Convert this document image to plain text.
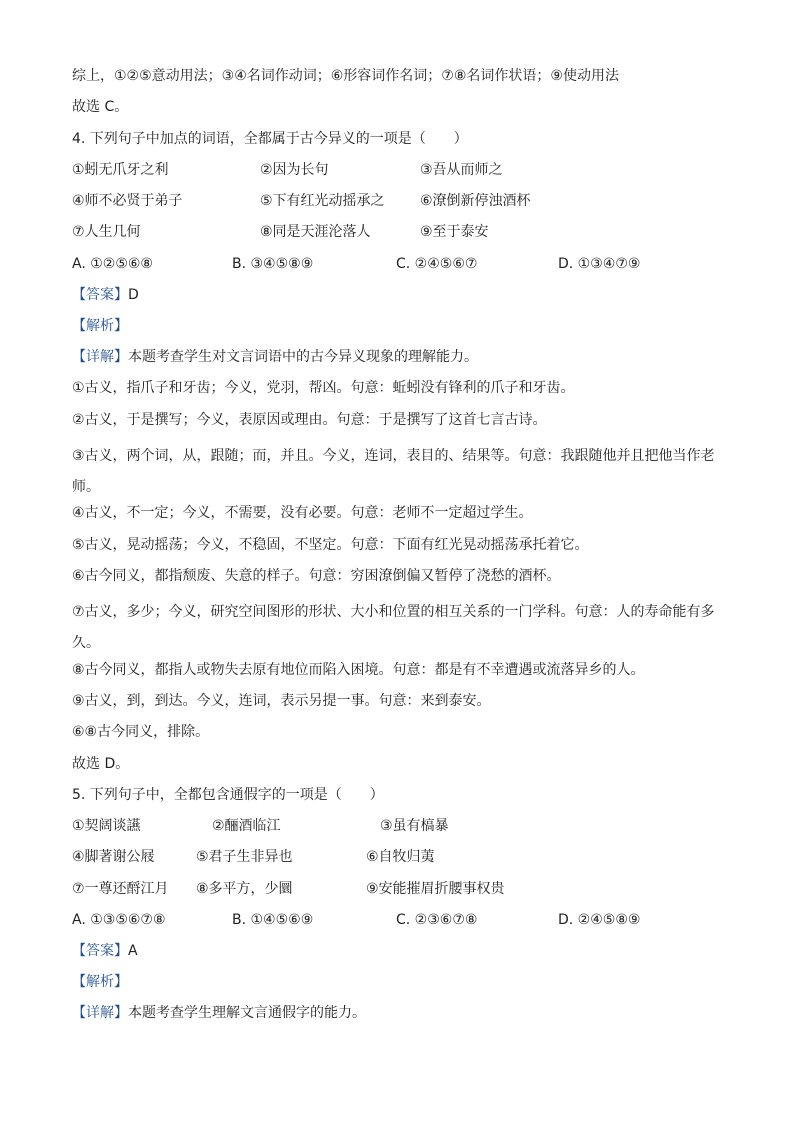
综上，①②⑤意动用法；③④名词作动词；⑥形容词作名词；⑦⑧名词作状语；⑨使动用法
故选 C。
4. 下列句子中加点的词语，全都属于古今异义的一项是（　　）
①蚓无爪牙之利	②因为长句	③吾从而师之
④师不必贤于弟子	⑤下有红光动摇承之	⑥潦倒新停浊酒杯
⑦人生几何	⑧同是天涯沦落人	⑨至于泰安
A. ①②⑤⑥⑧	B. ③④⑤⑧⑨	C. ②④⑤⑥⑦	D. ①③④⑦⑨
【答案】D
【解析】
【详解】本题考查学生对文言词语中的古今异义现象的理解能力。
①古义，指爪子和牙齿；今义，党羽，帮凶。句意：蚯蚓没有锋利的爪子和牙齿。
②古义，于是撰写；今义，表原因或理由。句意：于是撰写了这首七言古诗。
③古义，两个词，从，跟随；而，并且。今义，连词，表目的、结果等。句意：我跟随他并且把他当作老师。
④古义，不一定；今义，不需要，没有必要。句意：老师不一定超过学生。
⑤古义，晃动摇荡；今义，不稳固，不坚定。句意：下面有红光晃动摇荡承托着它。
⑥古今同义，都指颓废、失意的样子。句意：穷困潦倒偏又暂停了浇愁的酒杯。
⑦古义，多少；今义，研究空间图形的形状、大小和位置的相互关系的一门学科。句意：人的寿命能有多久。
⑧古今同义，都指人或物失去原有地位而陷入困境。句意：都是有不幸遭遇或流落异乡的人。
⑨古义，到，到达。今义，连词，表示另提一事。句意：来到泰安。
⑥⑧古今同义，排除。
故选 D。
5. 下列句子中，全都包含通假字的一项是（　　）
①契阔谈讌	②酾酒临江	③虽有槁暴
④脚著谢公屐	⑤君子生非异也	⑥自牧归荑
⑦一尊还酹江月 ⑧多平方，少圜	⑨安能摧眉折腰事权贵
A. ①③⑤⑥⑦⑧	B. ①④⑤⑥⑨	C. ②③⑥⑦⑧	D. ②④⑤⑧⑨
【答案】A
【解析】
【详解】本题考查学生理解文言通假字的能力。
